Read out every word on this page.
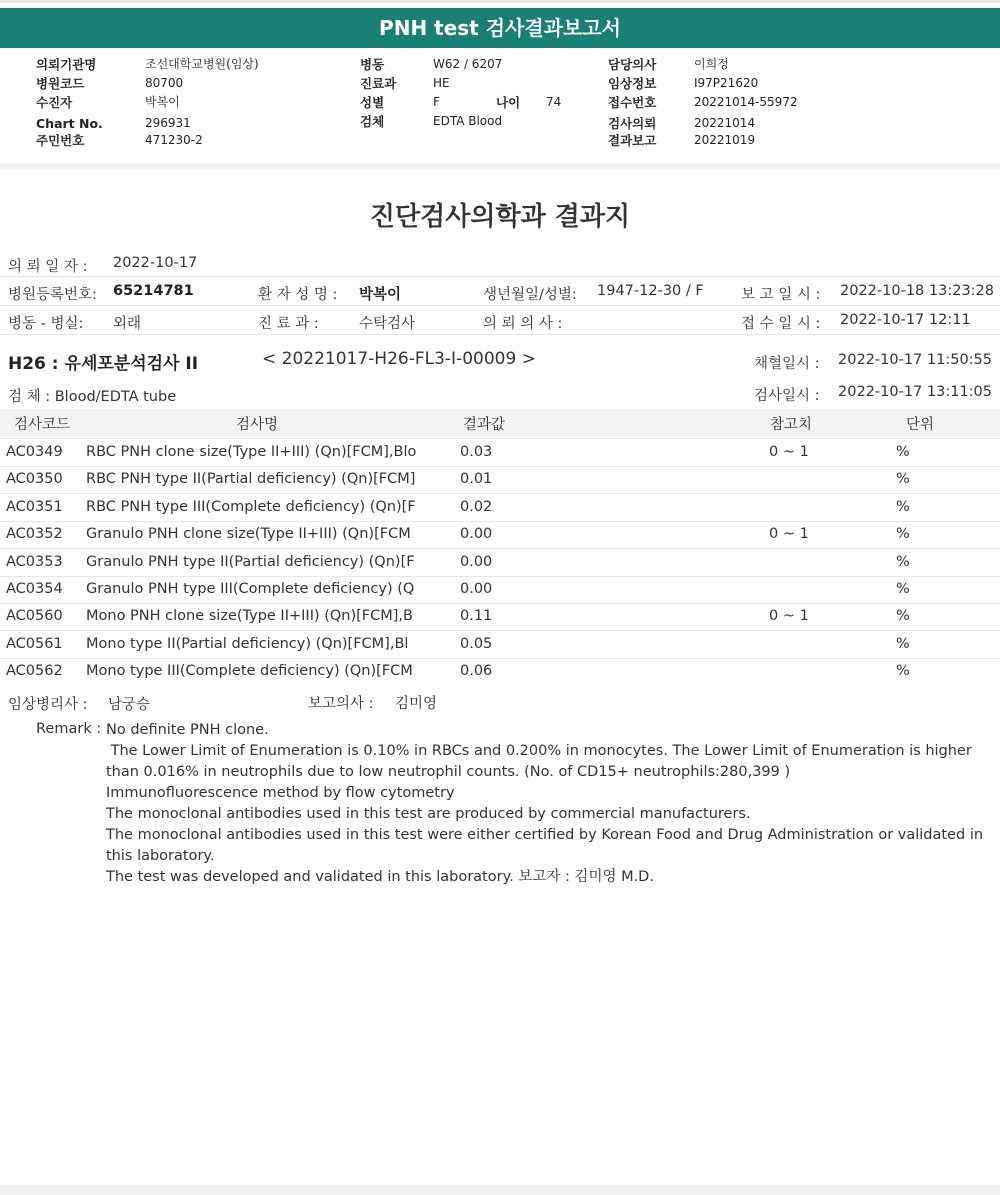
PNH test 검사결과보고서
의뢰기관명	조선대학교병원(임상)
병원코드	80700
수진자	박복이
Chart No.	296931
주민번호	471230-2
병동	W62 / 6207
진료과	HE
성별	F	나이 74
검체	EDTA Blood
담당의사	이희정
임상정보	I97P21620
접수번호	20221014-55972
검사의뢰	20221014
결과보고	20221019
진단검사의학과 결과지
의 뢰 일 자 : 2022-10-17
병원등록번호: 65214781	환 자 성 명 : 박복이	생년월일/성별: 1947-12-30 / F	보 고 일 시 : 2022-10-18 13:23:28
병동 - 병실: 외래	진 료 과 :	수탁검사	의 뢰 의 사 :	접 수 일 시 : 2022-10-17 12:11
H26 : 유세포분석검사 II	< 20221017-H26-FL3-I-00009 >	채혈일시 : 2022-10-17 11:50:55
검 체 : Blood/EDTA tube	검사일시 : 2022-10-17 13:11:05
검사코드	검사명	결과값	참고치	단위
AC0349 RBC PNH clone size(Type II+III) (Qn)[FCM],Blo	0.03	0 ~ 1	%
AC0350 RBC PNH type II(Partial deficiency) (Qn)[FCM]	0.01	%
AC0351 RBC PNH type III(Complete deficiency) (Qn)[F	0.02	%
AC0352 Granulo PNH clone size(Type II+III) (Qn)[FCM	0.00	0 ~ 1	%
AC0353 Granulo PNH type II(Partial deficiency) (Qn)[F	0.00	%
AC0354 Granulo PNH type III(Complete deficiency) (Q	0.00	%
AC0560 Mono PNH clone size(Type II+III) (Qn)[FCM],B	0.11	0 ~ 1	%
AC0561 Mono type II(Partial deficiency) (Qn)[FCM],Bl	0.05	%
AC0562 Mono type III(Complete deficiency) (Qn)[FCM	0.06	%
임상병리사 : 남궁승	보고의사 : 김미영
Remark : No definite PNH clone.
The Lower Limit of Enumeration is 0.10% in RBCs and 0.200% in monocytes. The Lower Limit of Enumeration is higher than 0.016% in neutrophils due to low neutrophil counts. (No. of CD15+ neutrophils:280,399 )
Immunofluorescence method by flow cytometry
The monoclonal antibodies used in this test are produced by commercial manufacturers.
The monoclonal antibodies used in this test were either certified by Korean Food and Drug Administration or validated in this laboratory.
The test was developed and validated in this laboratory. 보고자 : 김미영 M.D.
